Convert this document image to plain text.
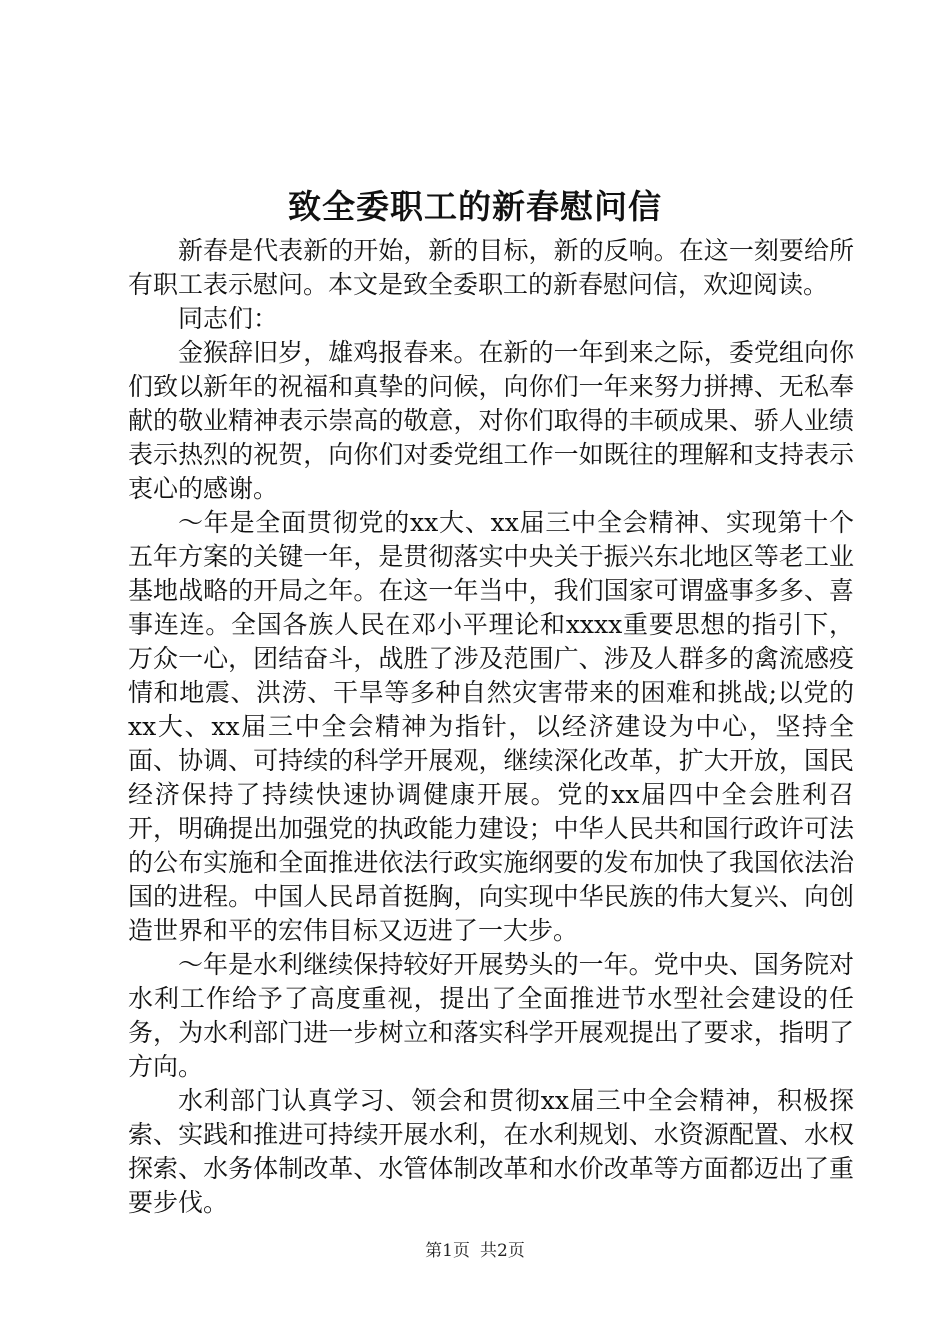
致全委职工的新春慰问信

新春是代表新的开始，新的目标，新的反响。在这一刻要给所有职工表示慰问。本文是致全委职工的新春慰问信，欢迎阅读。

同志们：

金猴辞旧岁，雄鸡报春来。在新的一年到来之际，委党组向你们致以新年的祝福和真挚的问候，向你们一年来努力拼搏、无私奉献的敬业精神表示崇高的敬意，对你们取得的丰硕成果、骄人业绩表示热烈的祝贺，向你们对委党组工作一如既往的理解和支持表示衷心的感谢。

～年是全面贯彻党的xx大、xx届三中全会精神、实现第十个五年方案的关键一年，是贯彻落实中央关于振兴东北地区等老工业基地战略的开局之年。在这一年当中，我们国家可谓盛事多多、喜事连连。全国各族人民在邓小平理论和xxxx重要思想的指引下，万众一心，团结奋斗，战胜了涉及范围广、涉及人群多的禽流感疫情和地震、洪涝、干旱等多种自然灾害带来的困难和挑战;以党的xx大、xx届三中全会精神为指针，以经济建设为中心，坚持全面、协调、可持续的科学开展观，继续深化改革，扩大开放，国民经济保持了持续快速协调健康开展。党的xx届四中全会胜利召开，明确提出加强党的执政能力建设；中华人民共和国行政许可法的公布实施和全面推进依法行政实施纲要的发布加快了我国依法治国的进程。中国人民昂首挺胸，向实现中华民族的伟大复兴、向创造世界和平的宏伟目标又迈进了一大步。

～年是水利继续保持较好开展势头的一年。党中央、国务院对水利工作给予了高度重视，提出了全面推进节水型社会建设的任务，为水利部门进一步树立和落实科学开展观提出了要求，指明了方向。

水利部门认真学习、领会和贯彻xx届三中全会精神，积极探索、实践和推进可持续开展水利，在水利规划、水资源配置、水权探索、水务体制改革、水管体制改革和水价改革等方面都迈出了重要步伐。

第1页 共2页
